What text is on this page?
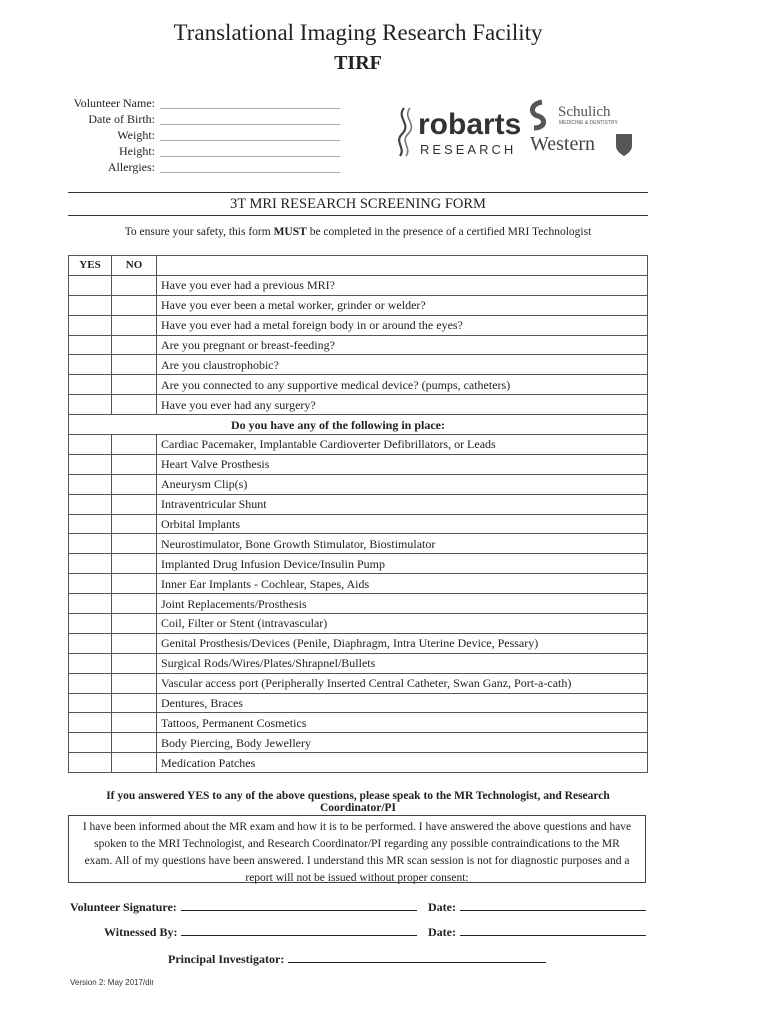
Translational Imaging Research Facility
TIRF
Volunteer Name:
Date of Birth:
Weight:
Height:
Allergies:
robarts
RESEARCH
Schulich
MEDICINE & DENTISTRY
Western
3T MRI RESEARCH SCREENING FORM
To ensure your safety, this form MUST be completed in the presence of a certified MRI Technologist
YES	NO	
		Have you ever had a previous MRI?
		Have you ever been a metal worker, grinder or welder?
		Have you ever had a metal foreign body in or around the eyes?
		Are you pregnant or breast-feeding?
		Are you claustrophobic?
		Are you connected to any supportive medical device? (pumps, catheters)
		Have you ever had any surgery?
Do you have any of the following in place:		
		Cardiac Pacemaker, Implantable Cardioverter Defibrillators, or Leads
		Heart Valve Prosthesis
		Aneurysm Clip(s)
		Intraventricular Shunt
		Orbital Implants
		Neurostimulator, Bone Growth Stimulator, Biostimulator
		Implanted Drug Infusion Device/Insulin Pump
		Inner Ear Implants - Cochlear, Stapes, Aids
		Joint Replacements/Prosthesis
		Coil, Filter or Stent (intravascular)
		Genital Prosthesis/Devices (Penile, Diaphragm, Intra Uterine Device, Pessary)
		Surgical Rods/Wires/Plates/Shrapnel/Bullets
		Vascular access port (Peripherally Inserted Central Catheter, Swan Ganz, Port-a-cath)
		Dentures, Braces
		Tattoos, Permanent Cosmetics
		Body Piercing, Body Jewellery
		Medication Patches
If you answered YES to any of the above questions, please speak to the MR Technologist, and Research Coordinator/PI
I have been informed about the MR exam and how it is to be performed. I have answered the above questions and have spoken to the MRI Technologist, and Research Coordinator/PI regarding any possible contraindications to the MR exam. All of my questions have been answered. I understand this MR scan session is not for diagnostic purposes and a report will not be issued without proper consent:
Volunteer Signature:	Date:
Witnessed By:	Date:
Principal Investigator:
Version 2: May 2017/dir
